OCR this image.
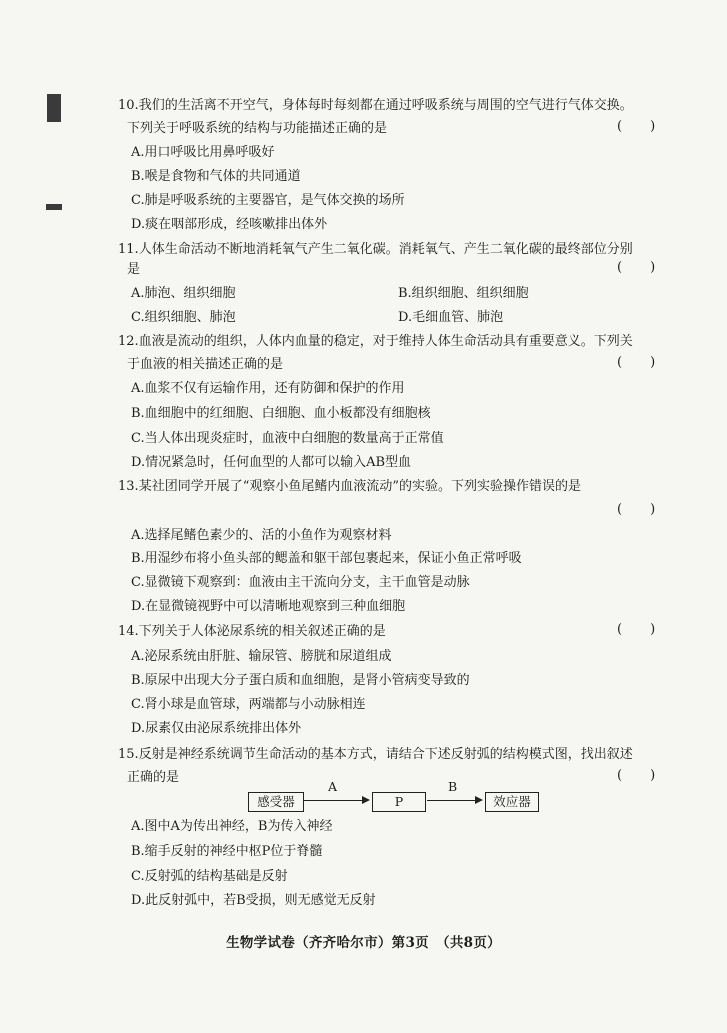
10.我们的生活离不开空气，身体每时每刻都在通过呼吸系统与周围的空气进行气体交换。
下列关于呼吸系统的结构与功能描述正确的是	( )
A.用口呼吸比用鼻呼吸好
B.喉是食物和气体的共同通道
C.肺是呼吸系统的主要器官，是气体交换的场所
D.痰在咽部形成，经咳嗽排出体外
11.人体生命活动不断地消耗氧气产生二氧化碳。消耗氧气、产生二氧化碳的最终部位分别
是	( )
A.肺泡、组织细胞	B.组织细胞、组织细胞
C.组织细胞、肺泡	D.毛细血管、肺泡
12.血液是流动的组织，人体内血量的稳定，对于维持人体生命活动具有重要意义。下列关
于血液的相关描述正确的是	( )
A.血浆不仅有运输作用，还有防御和保护的作用
B.血细胞中的红细胞、白细胞、血小板都没有细胞核
C.当人体出现炎症时，血液中白细胞的数量高于正常值
D.情况紧急时，任何血型的人都可以输入AB型血
13.某社团同学开展了“观察小鱼尾鳍内血液流动”的实验。下列实验操作错误的是
( )
A.选择尾鳍色素少的、活的小鱼作为观察材料
B.用湿纱布将小鱼头部的鳃盖和躯干部包裹起来，保证小鱼正常呼吸
C.显微镜下观察到：血液由主干流向分支，主干血管是动脉
D.在显微镜视野中可以清晰地观察到三种血细胞
14.下列关于人体泌尿系统的相关叙述正确的是	( )
A.泌尿系统由肝脏、输尿管、膀胱和尿道组成
B.原尿中出现大分子蛋白质和血细胞，是肾小管病变导致的
C.肾小球是血管球，两端都与小动脉相连
D.尿素仅由泌尿系统排出体外
15.反射是神经系统调节生命活动的基本方式，请结合下述反射弧的结构模式图，找出叙述
正确的是	( )
感受器
A
P
B
效应器
A.图中A为传出神经，B为传入神经
B.缩手反射的神经中枢P位于脊髓
C.反射弧的结构基础是反射
D.此反射弧中，若B受损，则无感觉无反射
生物学试卷（齐齐哈尔市）第3页　（共8页）
